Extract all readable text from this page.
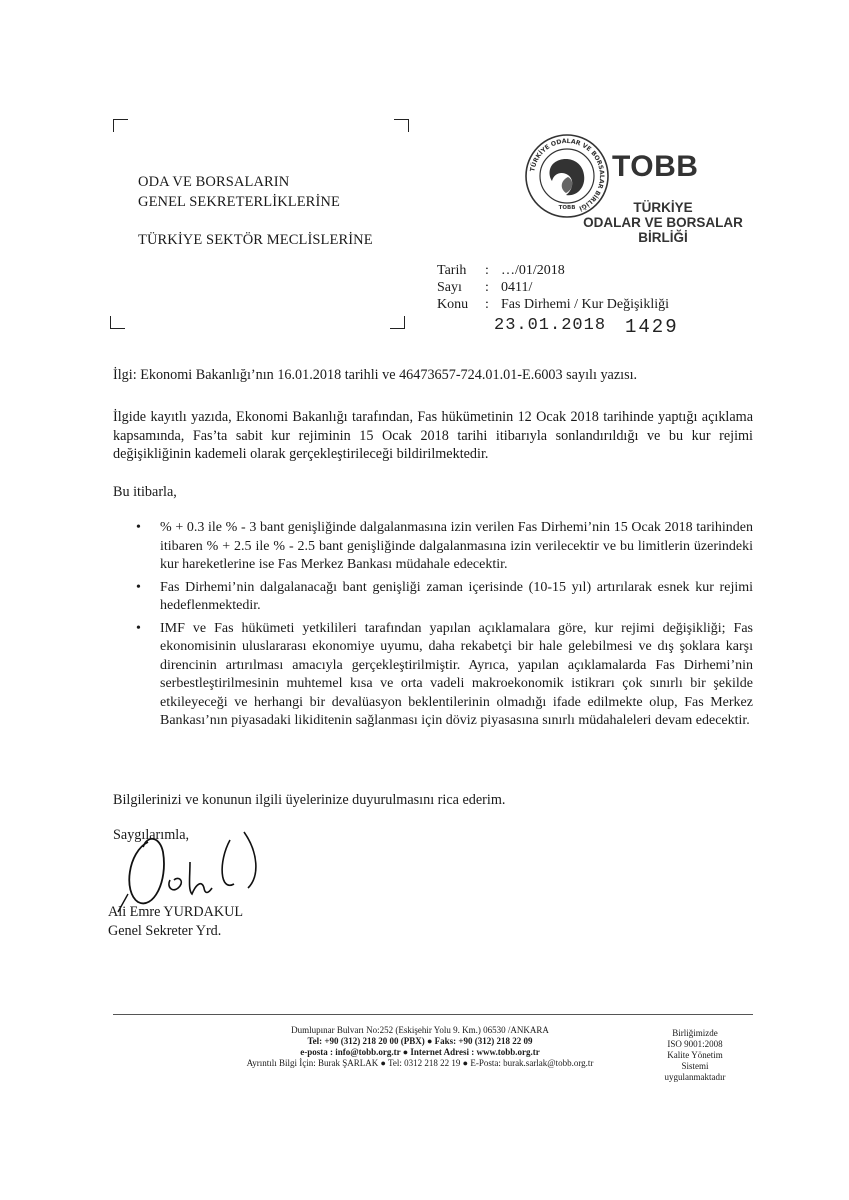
ODA VE BORSALARIN
GENEL SEKRETERLİKLERİNE
TÜRKİYE SEKTÖR MECLİSLERİNE
TÜRKİYE ODALAR VE BORSALAR BİRLİĞİ
TOBB
TOBB
TÜRKİYE
ODALAR VE BORSALAR
BİRLİĞİ
Tarih : …/01/2018
Sayı : 0411/
Konu : Fas Dirhemi / Kur Değişikliği
23.01.2018 1429
İlgi: Ekonomi Bakanlığı’nın 16.01.2018 tarihli ve 46473657-724.01.01-E.6003 sayılı yazısı.
İlgide kayıtlı yazıda, Ekonomi Bakanlığı tarafından, Fas hükümetinin 12 Ocak 2018 tarihinde yaptığı açıklama kapsamında, Fas’ta sabit kur rejiminin 15 Ocak 2018 tarihi itibarıyla sonlandırıldığı ve bu kur rejimi değişikliğinin kademeli olarak gerçekleştirileceği bildirilmektedir.
Bu itibarla,
• % + 0.3 ile % - 3 bant genişliğinde dalgalanmasına izin verilen Fas Dirhemi’nin 15 Ocak 2018 tarihinden itibaren % + 2.5 ile % - 2.5 bant genişliğinde dalgalanmasına izin verilecektir ve bu limitlerin üzerindeki kur hareketlerine ise Fas Merkez Bankası müdahale edecektir.
• Fas Dirhemi’nin dalgalanacağı bant genişliği zaman içerisinde (10-15 yıl) artırılarak esnek kur rejimi hedeflenmektedir.
• IMF ve Fas hükümeti yetkilileri tarafından yapılan açıklamalara göre, kur rejimi değişikliği; Fas ekonomisinin uluslararası ekonomiye uyumu, daha rekabetçi bir hale gelebilmesi ve dış şoklara karşı direncinin artırılması amacıyla gerçekleştirilmiştir. Ayrıca, yapılan açıklamalarda Fas Dirhemi’nin serbestleştirilmesinin muhtemel kısa ve orta vadeli makroekonomik istikrarı çok sınırlı bir şekilde etkileyeceği ve herhangi bir devalüasyon beklentilerinin olmadığı ifade edilmekte olup, Fas Merkez Bankası’nın piyasadaki likiditenin sağlanması için döviz piyasasına sınırlı müdahaleleri devam edecektir.
Bilgilerinizi ve konunun ilgili üyelerinize duyurulmasını rica ederim.
Saygılarımla,
Ali Emre YURDAKUL
Genel Sekreter Yrd.
Dumlupınar Bulvarı No:252 (Eskişehir Yolu 9. Km.) 06530 /ANKARA
Tel: +90 (312) 218 20 00 (PBX) ● Faks: +90 (312) 218 22 09
e-posta : info@tobb.org.tr ● Internet Adresi : www.tobb.org.tr
Ayrıntılı Bilgi İçin: Burak ŞARLAK ● Tel: 0312 218 22 19 ● E-Posta: burak.sarlak@tobb.org.tr
Birliğimizde
ISO 9001:2008
Kalite Yönetim
Sistemi
uygulanmaktadır
